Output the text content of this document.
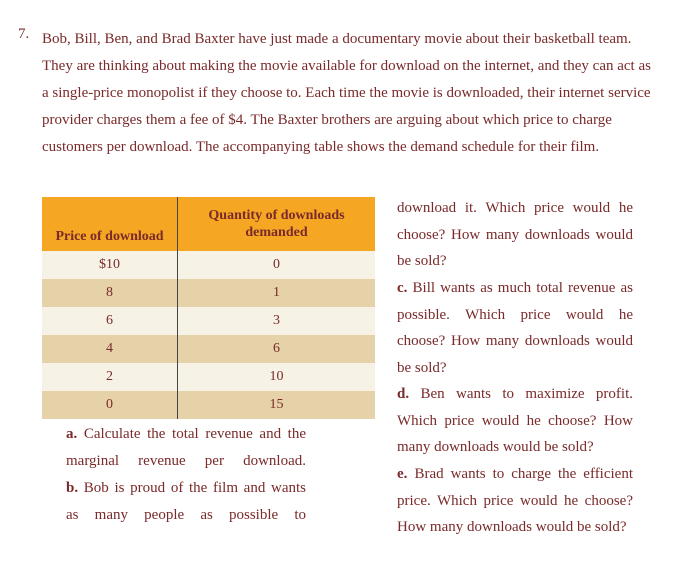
7. Bob, Bill, Ben, and Brad Baxter have just made a documentary movie about their basketball team. They are thinking about making the movie available for download on the internet, and they can act as a single-price monopolist if they choose to. Each time the movie is downloaded, their internet service provider charges them a fee of $4. The Baxter brothers are arguing about which price to charge customers per download. The accompanying table shows the demand schedule for their film.

Price of download	Quantity of downloads demanded
$10	0
8	1
6	3
4	6
2	10
0	15

a. Calculate the total revenue and the marginal revenue per download.

b. Bob is proud of the film and wants as many people as possible to

download it. Which price would he choose? How many downloads would be sold?

c. Bill wants as much total revenue as possible. Which price would he choose? How many downloads would be sold?

d. Ben wants to maximize profit. Which price would he choose? How many downloads would be sold?

e. Brad wants to charge the efficient price. Which price would he choose? How many downloads would be sold?
